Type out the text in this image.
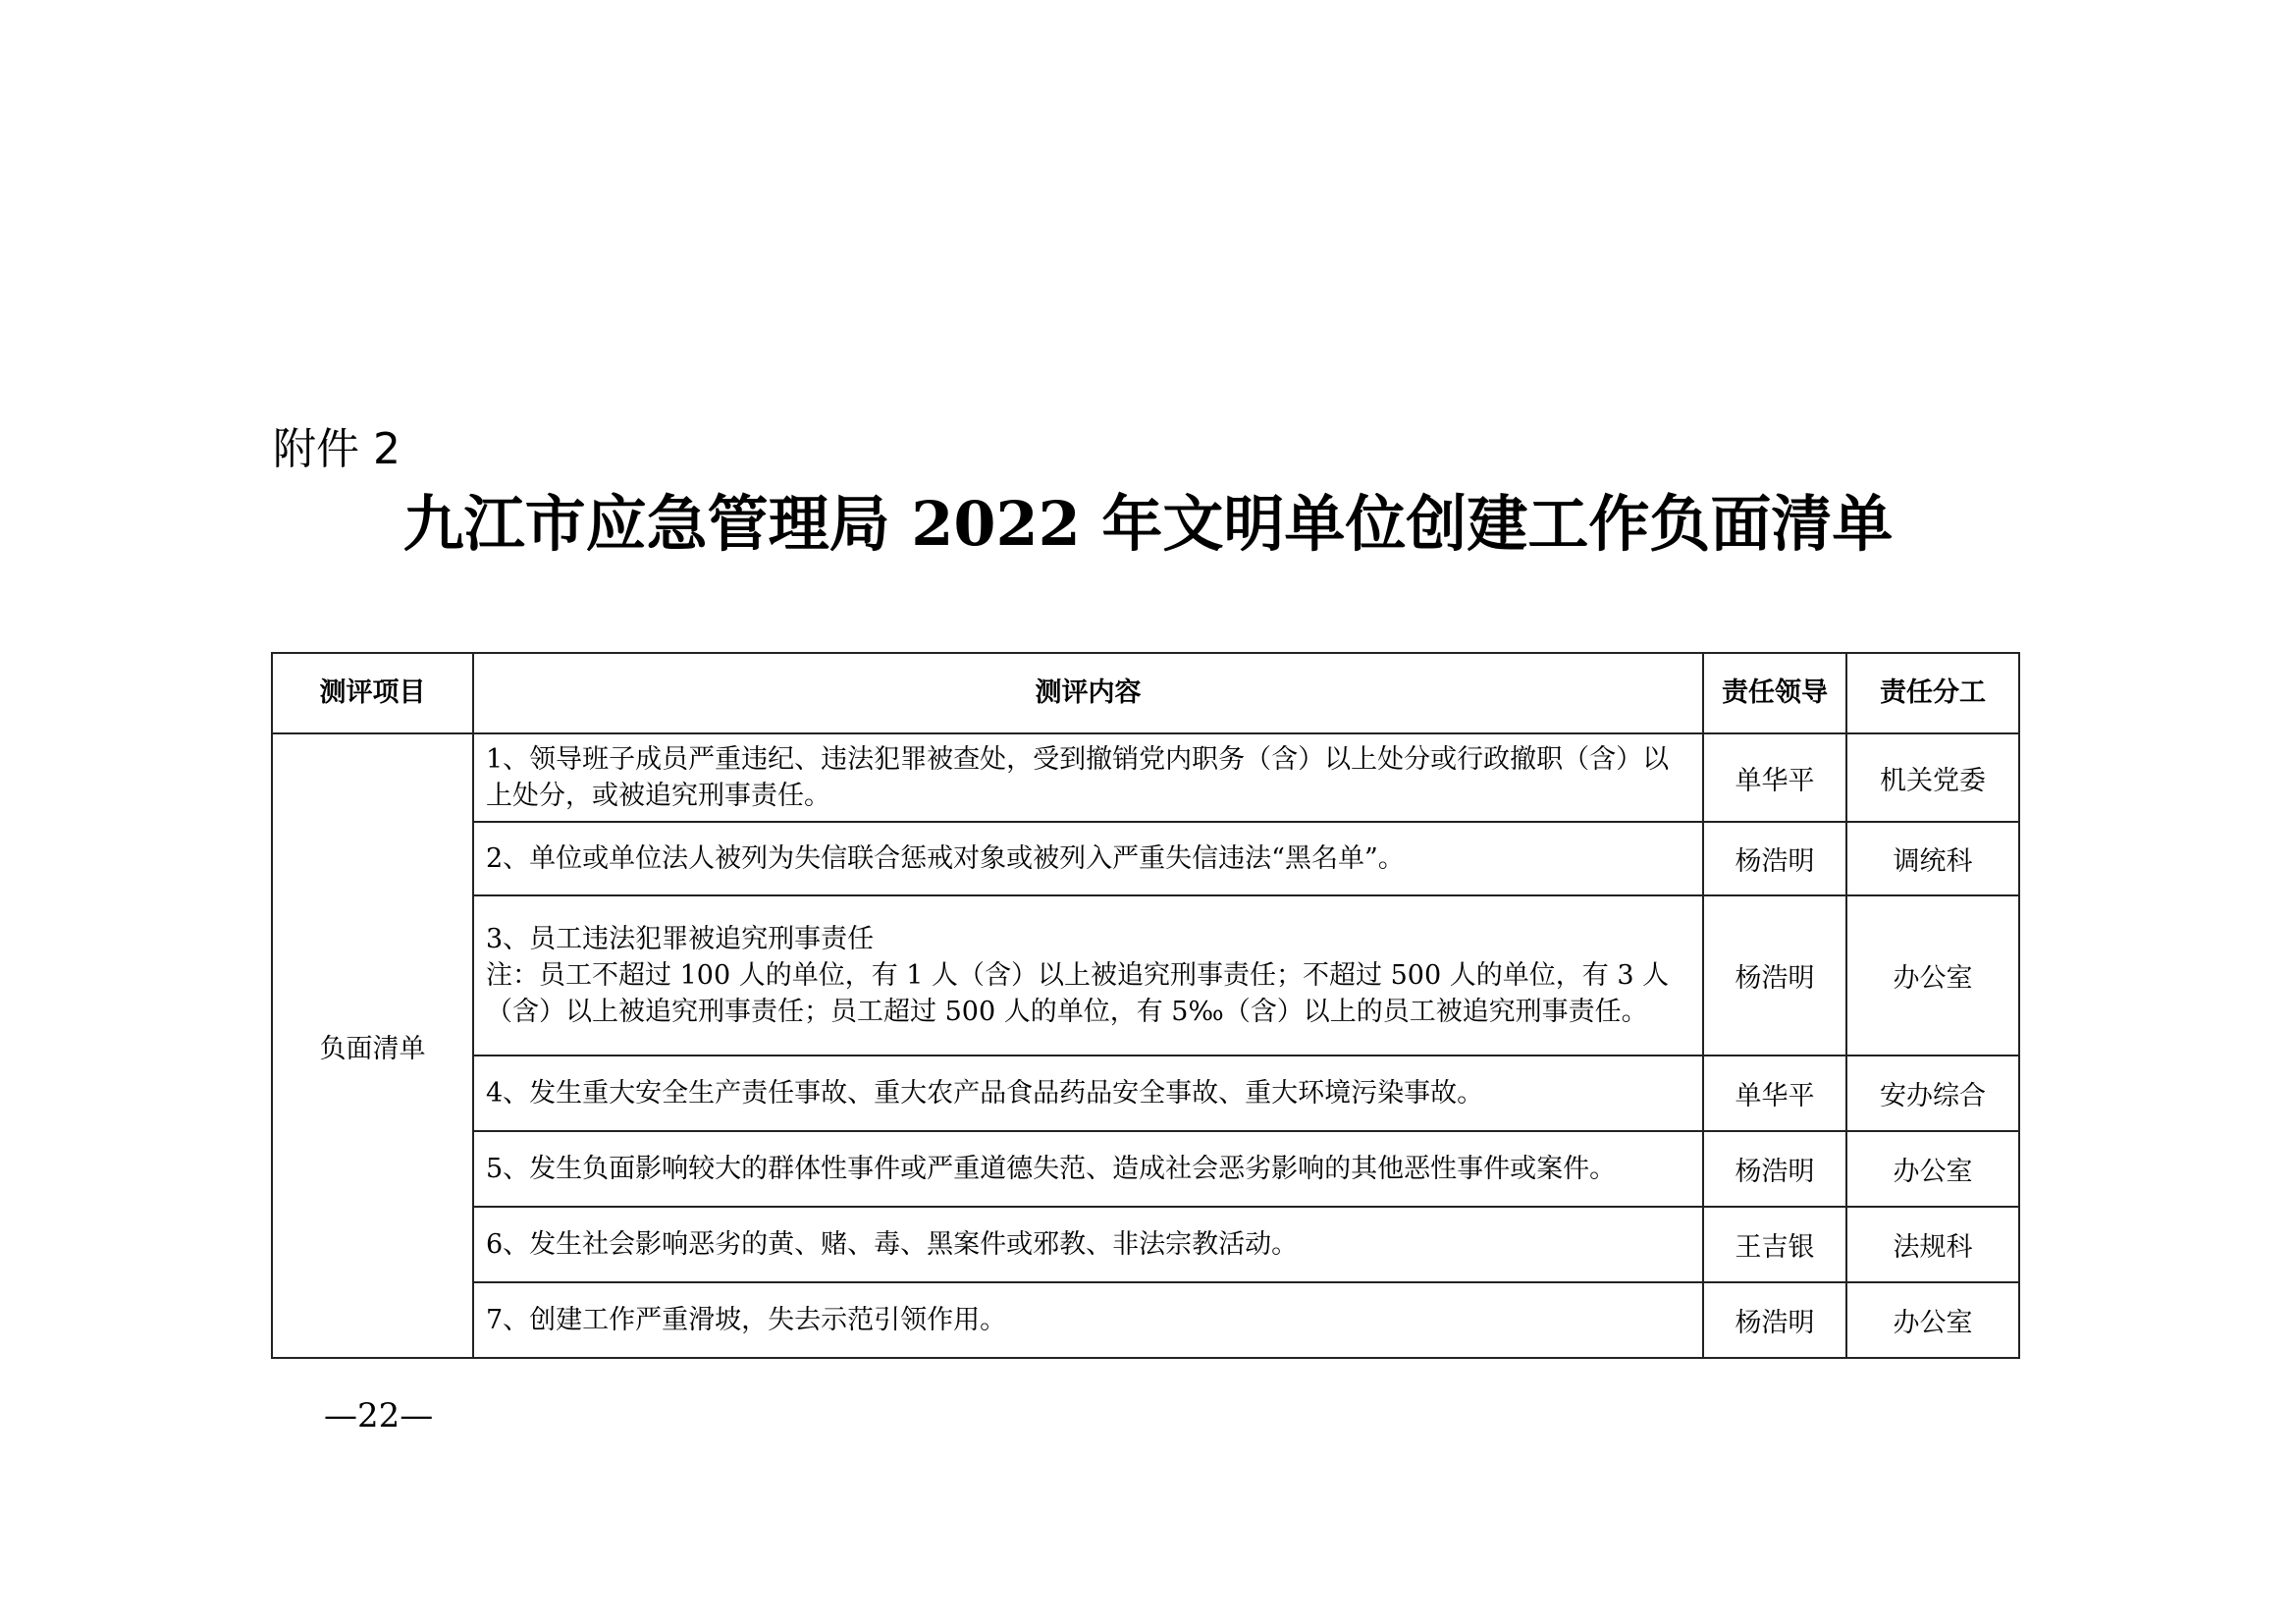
附件 2
九江市应急管理局 2022 年文明单位创建工作负面清单
测评项目	测评内容	责任领导	责任分工
负面清单	1、领导班子成员严重违纪、违法犯罪被查处，受到撤销党内职务（含）以上处分或行政撤职（含）以上处分，或被追究刑事责任。	单华平	机关党委
	2、单位或单位法人被列为失信联合惩戒对象或被列入严重失信违法“黑名单”。	杨浩明	调统科

	3、员工违法犯罪被追究刑事责任
注：员工不超过 100 人的单位，有 1 人（含）以上被追究刑事责任；不超过 500 人的单位，有 3 人（含）以上被追究刑事责任；员工超过 500 人的单位，有 5‰（含）以上的员工被追究刑事责任。	杨浩明	办公室
	4、发生重大安全生产责任事故、重大农产品食品药品安全事故、重大环境污染事故。	单华平	安办综合
	5、发生负面影响较大的群体性事件或严重道德失范、造成社会恶劣影响的其他恶性事件或案件。	杨浩明	办公室
	6、发生社会影响恶劣的黄、赌、毒、黑案件或邪教、非法宗教活动。	王吉银	法规科
	7、创建工作严重滑坡，失去示范引领作用。	杨浩明	办公室
—22—
